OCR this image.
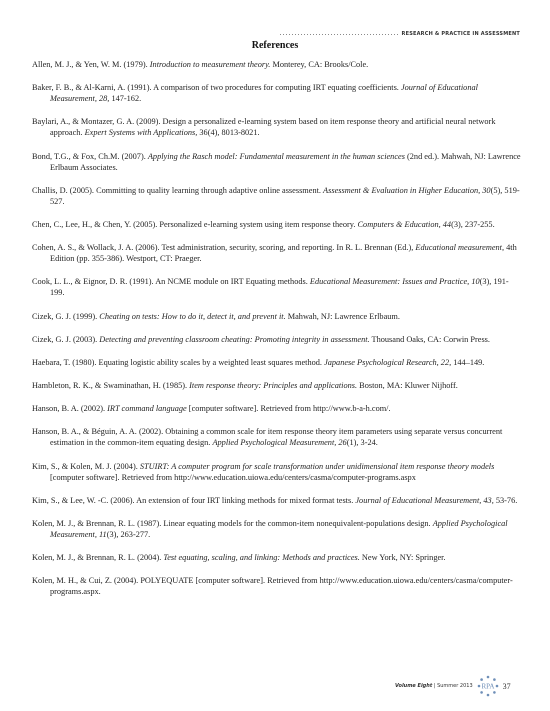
RESEARCH & PRACTICE IN ASSESSMENT
References
Allen, M. J., & Yen, W. M. (1979). Introduction to measurement theory. Monterey, CA: Brooks/Cole.
Baker, F. B., & Al-Karni, A. (1991). A comparison of two procedures for computing IRT equating coefficients. Journal of Educational Measurement, 28, 147-162.
Baylari, A., & Montazer, G. A. (2009). Design a personalized e-learning system based on item response theory and artificial neural network approach. Expert Systems with Applications, 36(4), 8013-8021.
Bond, T.G., & Fox, Ch.M. (2007). Applying the Rasch model: Fundamental measurement in the human sciences (2nd ed.). Mahwah, NJ: Lawrence Erlbaum Associates.
Challis, D. (2005). Committing to quality learning through adaptive online assessment. Assessment & Evaluation in Higher Education, 30(5), 519-527.
Chen, C., Lee, H., & Chen, Y. (2005). Personalized e-learning system using item response theory. Computers & Education, 44(3), 237-255.
Cohen, A. S., & Wollack, J. A. (2006). Test administration, security, scoring, and reporting. In R. L. Brennan (Ed.), Educational measurement, 4th Edition (pp. 355-386). Westport, CT: Praeger.
Cook, L. L., & Eignor, D. R. (1991). An NCME module on IRT Equating methods. Educational Measurement: Issues and Practice, 10(3), 191-199.
Cizek, G. J. (1999). Cheating on tests: How to do it, detect it, and prevent it. Mahwah, NJ: Lawrence Erlbaum.
Cizek, G. J. (2003). Detecting and preventing classroom cheating: Promoting integrity in assessment. Thousand Oaks, CA: Corwin Press.
Haebara, T. (1980). Equating logistic ability scales by a weighted least squares method. Japanese Psychological Research, 22, 144–149.
Hambleton, R. K., & Swaminathan, H. (1985). Item response theory: Principles and applications. Boston, MA: Kluwer Nijhoff.
Hanson, B. A. (2002). IRT command language [computer software]. Retrieved from http://www.b-a-h.com/.
Hanson, B. A., & Béguin, A. A. (2002). Obtaining a common scale for item response theory item parameters using separate versus concurrent estimation in the common-item equating design. Applied Psychological Measurement, 26(1), 3-24.
Kim, S., & Kolen, M. J. (2004). STUIRT: A computer program for scale transformation under unidimensional item response theory models [computer software]. Retrieved from http://www.education.uiowa.edu/centers/casma/computer-programs.aspx
Kim, S., & Lee, W. -C. (2006). An extension of four IRT linking methods for mixed format tests. Journal of Educational Measurement, 43, 53-76.
Kolen, M. J., & Brennan, R. L. (1987). Linear equating models for the common-item nonequivalent-populations design. Applied Psychological Measurement, 11(3), 263-277.
Kolen, M. J., & Brennan, R. L. (2004). Test equating, scaling, and linking: Methods and practices. New York, NY: Springer.
Kolen, M. H., & Cui, Z. (2004). POLYEQUATE [computer software]. Retrieved from http://www.education.uiowa.edu/centers/casma/computer-programs.aspx.
Volume Eight | Summer 2013 RPA 37
